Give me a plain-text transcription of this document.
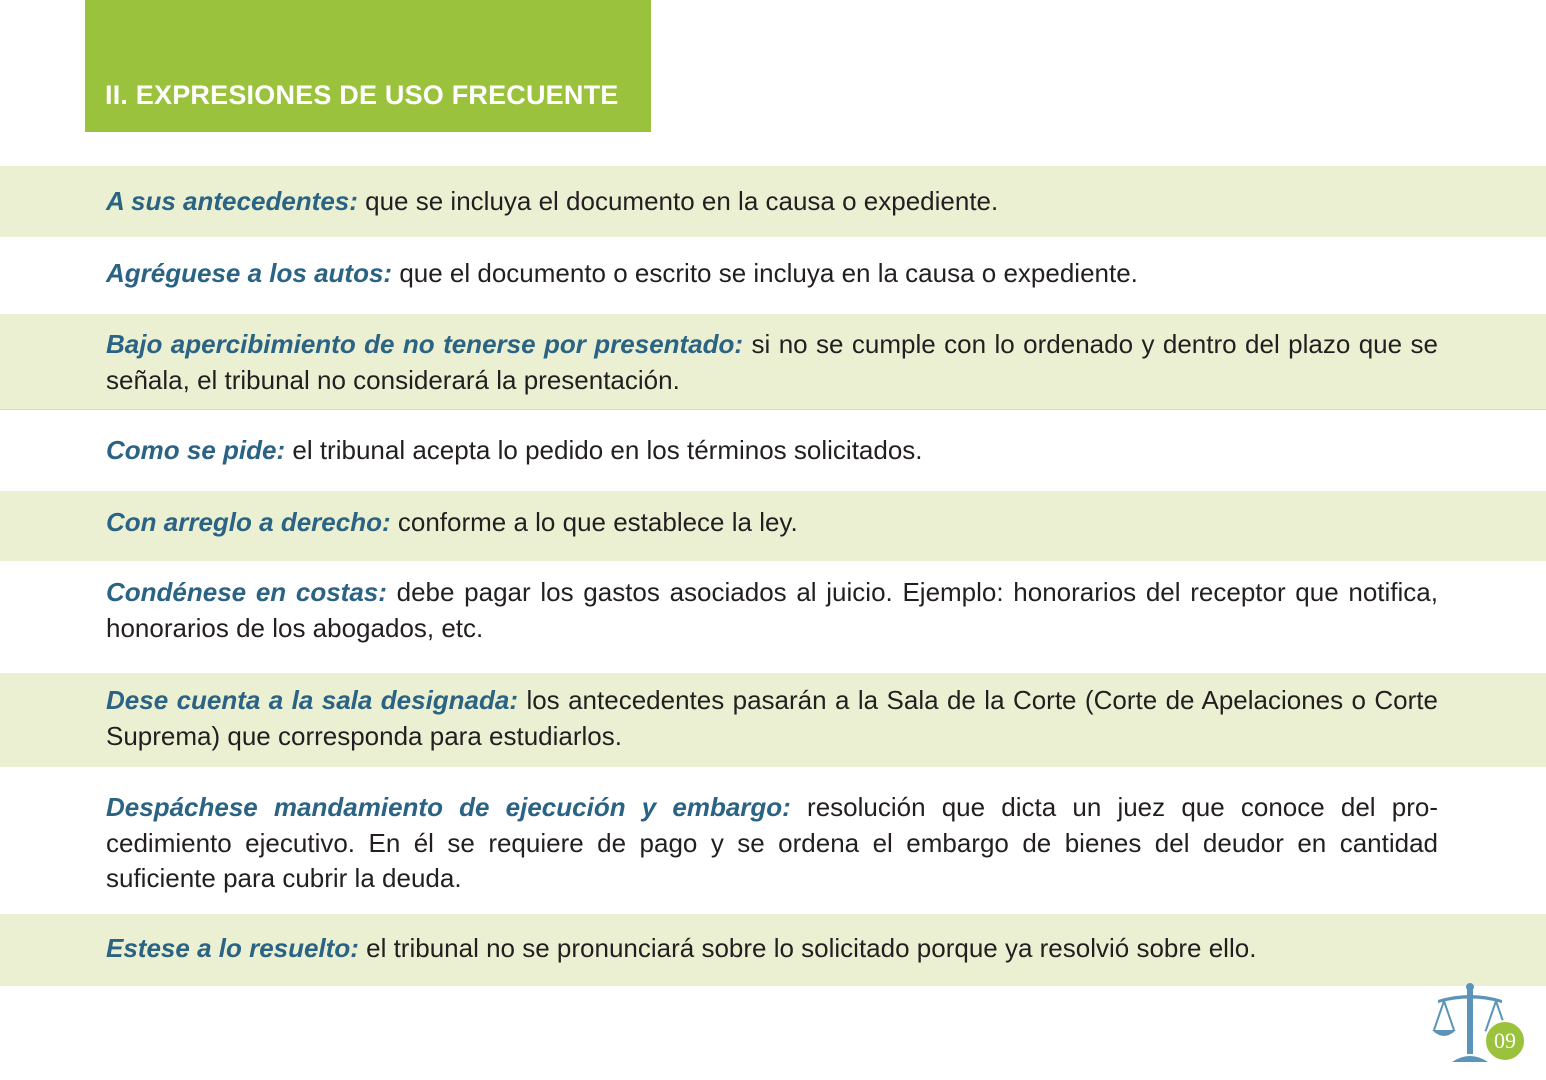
II. EXPRESIONES DE USO FRECUENTE

A sus antecedentes: que se incluya el documento en la causa o expediente.

Agréguese a los autos: que el documento o escrito se incluya en la causa o expediente.

Bajo apercibimiento de no tenerse por presentado: si no se cumple con lo ordenado y dentro del plazo que se señala, el tribunal no considerará la presentación.

Como se pide: el tribunal acepta lo pedido en los términos solicitados.

Con arreglo a derecho: conforme a lo que establece la ley.

Condénese en costas: debe pagar los gastos asociados al juicio. Ejemplo: honorarios del receptor que notifica, honorarios de los abogados, etc.

Dese cuenta a la sala designada: los antecedentes pasarán a la Sala de la Corte (Corte de Apelaciones o Corte Suprema) que corresponda para estudiarlos.

Despáchese mandamiento de ejecución y embargo: resolución que dicta un juez que conoce del pro-cedimiento ejecutivo. En él se requiere de pago y se ordena el embargo de bienes del deudor en cantidad suficiente para cubrir la deuda.

Estese a lo resuelto: el tribunal no se pronunciará sobre lo solicitado porque ya resolvió sobre ello.

09
